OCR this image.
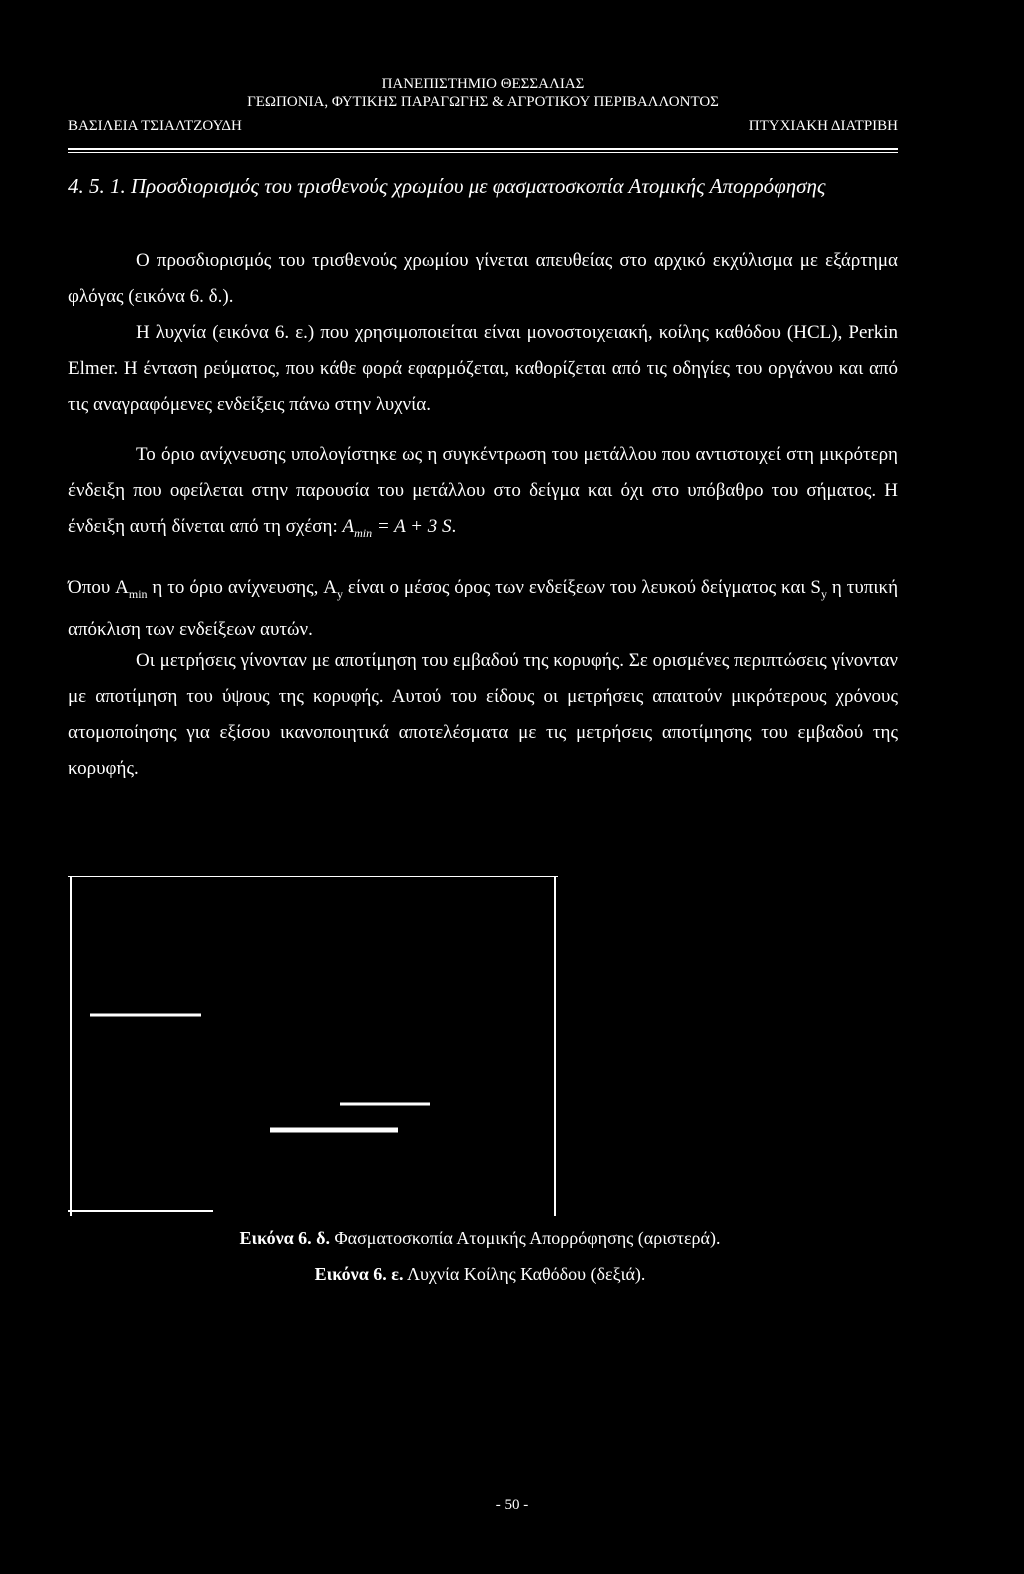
ΠΑΝΕΠΙΣΤΗΜΙΟ ΘΕΣΣΑΛΙΑΣ
ΓΕΩΠΟΝΙΑ, ΦΥΤΙΚΗΣ ΠΑΡΑΓΩΓΗΣ & ΑΓΡΟΤΙΚΟΥ ΠΕΡΙΒΑΛΛΟΝΤΟΣ
ΒΑΣΙΛΕΙΑ ΤΣΙΑΛΤΖΟΥΔΗ	ΠΤΥΧΙΑΚΗ ΔΙΑΤΡΙΒΗ
4. 5. 1. Προσδιορισμός του τρισθενούς χρωμίου με φασματοσκοπία Ατομικής Απορρόφησης
Ο προσδιορισμός του τρισθενούς χρωμίου γίνεται απευθείας στο αρχικό εκχύλισμα με εξάρτημα φλόγας (εικόνα 6. δ.).
Η λυχνία (εικόνα 6. ε.) που χρησιμοποιείται είναι μονοστοιχειακή, κοίλης καθόδου (HCL), Perkin Elmer. Η ένταση ρεύματος, που κάθε φορά εφαρμόζεται, καθορίζεται από τις οδηγίες του οργάνου και από τις αναγραφόμενες ενδείξεις πάνω στην λυχνία.
Το όριο ανίχνευσης υπολογίστηκε ως η συγκέντρωση του μετάλλου που αντιστοιχεί στη μικρότερη ένδειξη που οφείλεται στην παρουσία του μετάλλου στο δείγμα και όχι στο υπόβαθρο του σήματος. Η ένδειξη αυτή δίνεται από τη σχέση: $A_{min} = A + 3$ S.
Όπου $A_{min}$ η το όριο ανίχνευσης, $A_y$ είναι ο μέσος όρος των ενδείξεων του λευκού δείγματος και $S_y$ η τυπική απόκλιση των ενδείξεων αυτών.
Οι μετρήσεις γίνονταν με αποτίμηση του εμβαδού της κορυφής. Σε ορισμένες περιπτώσεις γίνονταν με αποτίμηση του ύψους της κορυφής. Αυτού του είδους οι μετρήσεις απαιτούν μικρότερους χρόνους ατομοποίησης για εξίσου ικανοποιητικά αποτελέσματα με τις μετρήσεις αποτίμησης του εμβαδού της κορυφής.
Εικόνα 6. δ. Φασματοσκοπία Ατομικής Απορρόφησης (αριστερά).
Εικόνα 6. ε. Λυχνία Κοίλης Καθόδου (δεξιά).
- 50 -
